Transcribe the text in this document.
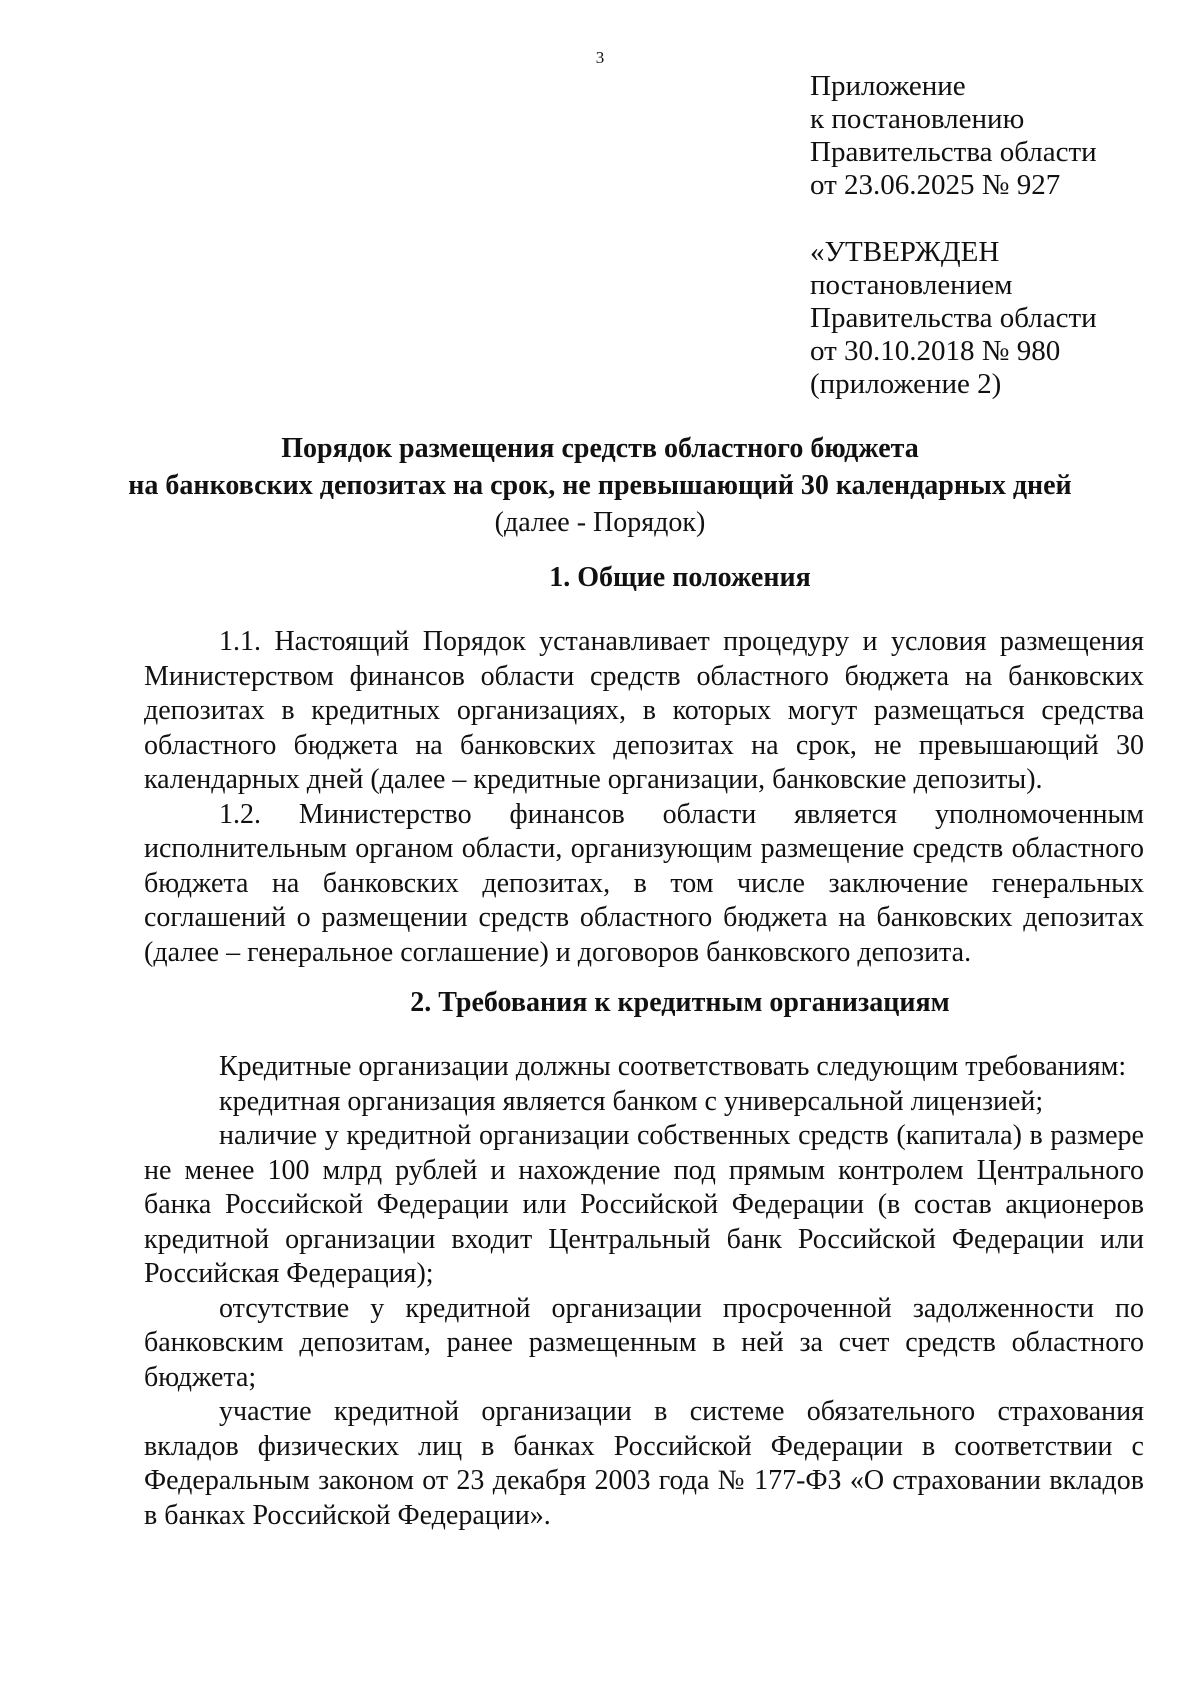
3
Приложение
к постановлению
Правительства области
от 23.06.2025 № 927
«УТВЕРЖДЕН
постановлением
Правительства области
от 30.10.2018 № 980
(приложение 2)
Порядок размещения средств областного бюджета
на банковских депозитах на срок, не превышающий 30 календарных дней
(далее - Порядок)
1. Общие положения

1.1. Настоящий Порядок устанавливает процедуру и условия размещения Министерством финансов области средств областного бюджета на банковских депозитах в кредитных организациях, в которых могут размещаться средства областного бюджета на банковских депозитах на срок, не превышающий 30 календарных дней (далее – кредитные организации, банковские депозиты).

1.2. Министерство финансов области является уполномоченным исполнительным органом области, организующим размещение средств областного бюджета на банковских депозитах, в том числе заключение генеральных соглашений о размещении средств областного бюджета на банковских депозитах (далее – генеральное соглашение) и договоров банковского депозита.

2. Требования к кредитным организациям

Кредитные организации должны соответствовать следующим требованиям:

кредитная организация является банком с универсальной лицензией;

наличие у кредитной организации собственных средств (капитала) в размере не менее 100 млрд рублей и нахождение под прямым контролем Центрального банка Российской Федерации или Российской Федерации (в состав акционеров кредитной организации входит Центральный банк Российской Федерации или Российская Федерация);

отсутствие у кредитной организации просроченной задолженности по банковским депозитам, ранее размещенным в ней за счет средств областного бюджета;

участие кредитной организации в системе обязательного страхования вкладов физических лиц в банках Российской Федерации в соответствии с Федеральным законом от 23 декабря 2003 года № 177-ФЗ «О страховании вкладов в банках Российской Федерации».
